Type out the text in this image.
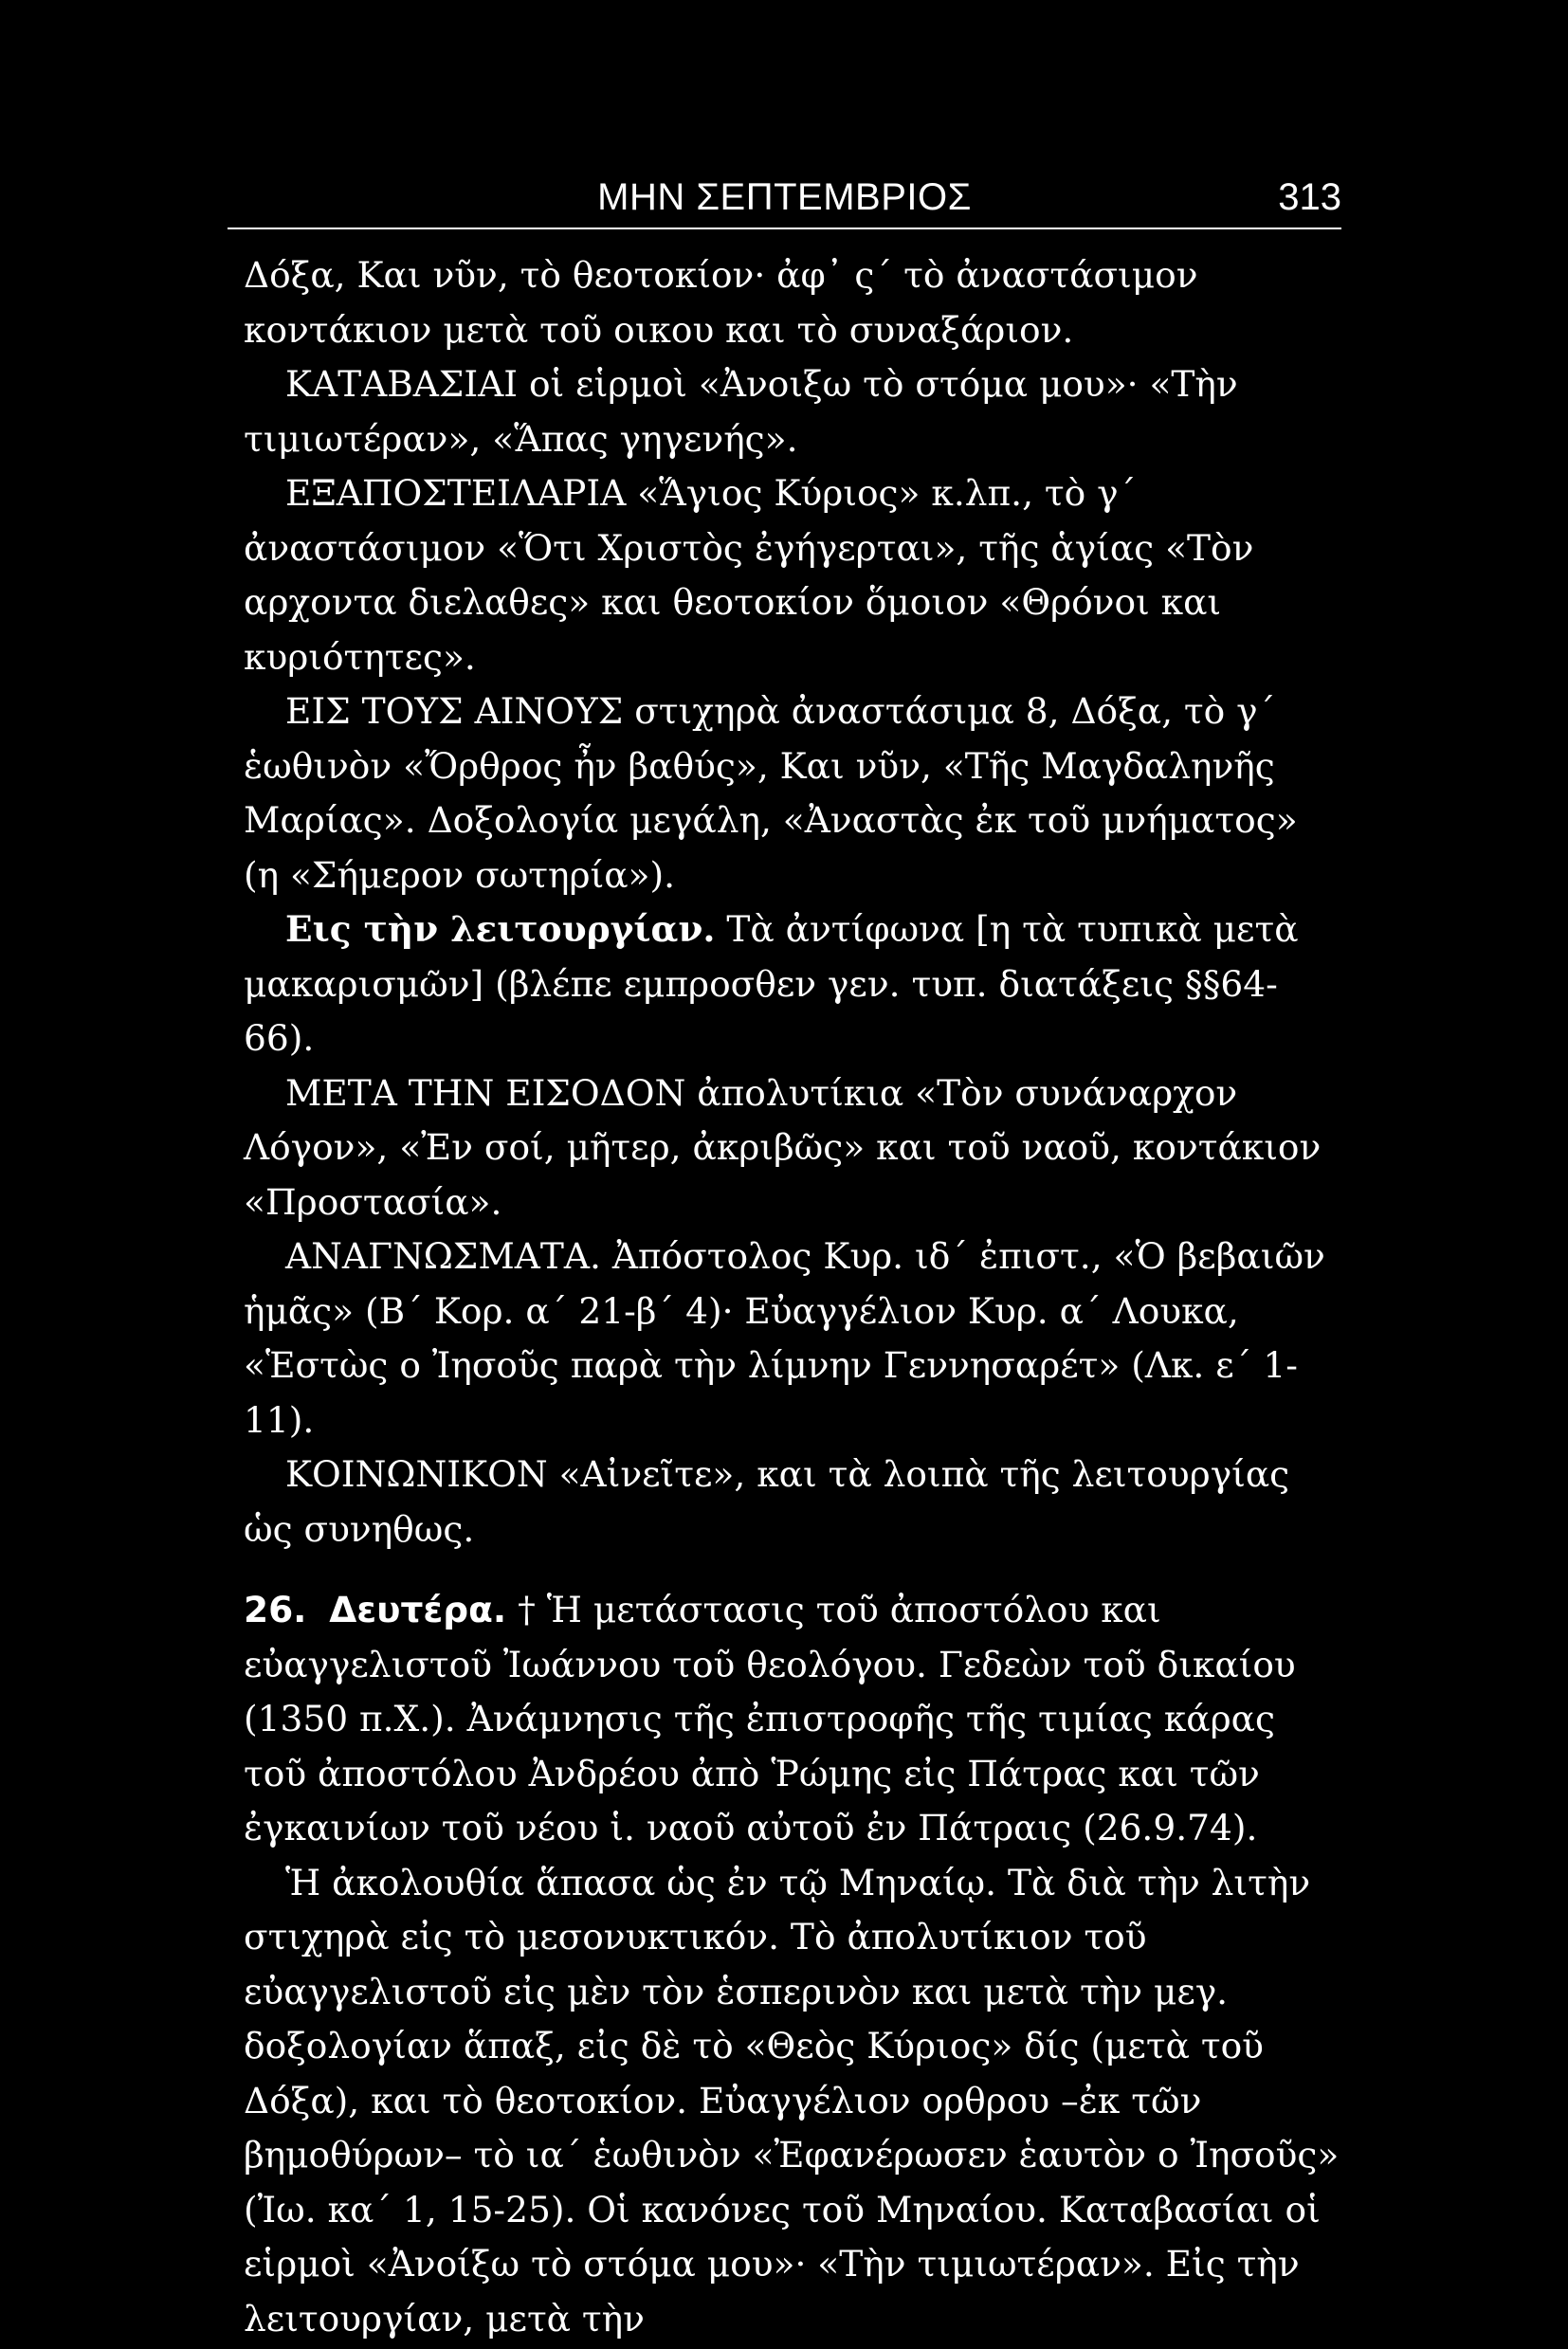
ΜΗΝ ΣΕΠΤΕΜΒΡΙΟΣ	313

Δόξα, Και νῦν, τὸ θεοτοκίον· ἀφ᾽ ς´ τὸ ἀναστάσιμον κοντάκιον μετὰ τοῦ οικου και τὸ συναξάριον.

ΚΑΤΑΒΑΣΙΑΙ οἱ εἱρμοὶ «Ἀνοιξω τὸ στόμα μου»· «Τὴν τιμιωτέραν», «Ἅπας γηγενής».

ΕΞΑΠΟΣΤΕΙΛΑΡΙΑ «Ἅγιος Κύριος» κ.λπ., τὸ γ´ ἀναστάσιμον «Ὅτι Χριστὸς ἐγήγερται», τῆς ἁγίας «Τὸν αρχοντα διελαθες» και θεοτοκίον ὅμοιον «Θρόνοι και κυριότητες».

ΕΙΣ ΤΟΥΣ ΑΙΝΟΥΣ στιχηρὰ ἀναστάσιμα 8, Δόξα, τὸ γ´ ἑωθινὸν «Ὄρθρος ἦν βαθύς», Και νῦν, «Τῆς Μαγδαληνῆς Μαρίας». Δοξολογία μεγάλη, «Ἀναστὰς ἐκ τοῦ μνήματος» (η «Σήμερον σωτηρία»).

Εις τὴν λειτουργίαν. Τὰ ἀντίφωνα [η τὰ τυπικὰ μετὰ μακαρισμῶν] (βλέπε εμπροσθεν γεν. τυπ. διατάξεις §§64-66).

ΜΕΤΑ ΤΗΝ ΕΙΣΟΔΟΝ ἀπολυτίκια «Τὸν συνάναρχον Λόγον», «Ἐν σοί, μῆτερ, ἀκριβῶς» και τοῦ ναοῦ, κοντάκιον «Προστασία».

ΑΝΑΓΝΩΣΜΑΤΑ. Ἀπόστολος Κυρ. ιδ´ ἐπιστ., «Ὁ βεβαιῶν ἡμᾶς» (Β´ Κορ. α´ 21-β´ 4)· Εὐαγγέλιον Κυρ. α´ Λουκα, «Ἑστὼς ο Ἰησοῦς παρὰ τὴν λίμνην Γεννησαρέτ» (Λκ. ε´ 1-11).

ΚΟΙΝΩΝΙΚΟΝ «Αἰνεῖτε», και τὰ λοιπὰ τῆς λειτουργίας ὡς συνηθως.

26. Δευτέρα. † Ἡ μετάστασις τοῦ ἀποστόλου και εὐαγγελιστοῦ Ἰωάννου τοῦ θεολόγου. Γεδεὼν τοῦ δικαίου (1350 π.Χ.). Ἀνάμνησις τῆς ἐπιστροφῆς τῆς τιμίας κάρας τοῦ ἀποστόλου Ἀνδρέου ἀπὸ Ῥώμης εἰς Πάτρας και τῶν ἐγκαινίων τοῦ νέου ἱ. ναοῦ αὐτοῦ ἐν Πάτραις (26.9.74).

Ἡ ἀκολουθία ἅπασα ὡς ἐν τῷ Μηναίῳ. Τὰ διὰ τὴν λιτὴν στιχηρὰ εἰς τὸ μεσονυκτικόν. Τὸ ἀπολυτίκιον τοῦ εὐαγγελιστοῦ εἰς μὲν τὸν ἑσπερινὸν και μετὰ τὴν μεγ. δοξολογίαν ἅπαξ, εἰς δὲ τὸ «Θεὸς Κύριος» δίς (μετὰ τοῦ Δόξα), και τὸ θεοτοκίον. Εὐαγγέλιον ορθρου –ἐκ τῶν βημοθύρων– τὸ ια´ ἑωθινὸν «Ἐφανέρωσεν ἑαυτὸν ο Ἰησοῦς» (Ἰω. κα´ 1, 15-25). Οἱ κανόνες τοῦ Μηναίου. Καταβασίαι οἱ εἱρμοὶ «Ἀνοίξω τὸ στόμα μου»· «Τὴν τιμιωτέραν». Εἰς τὴν λειτουργίαν, μετὰ τὴν
